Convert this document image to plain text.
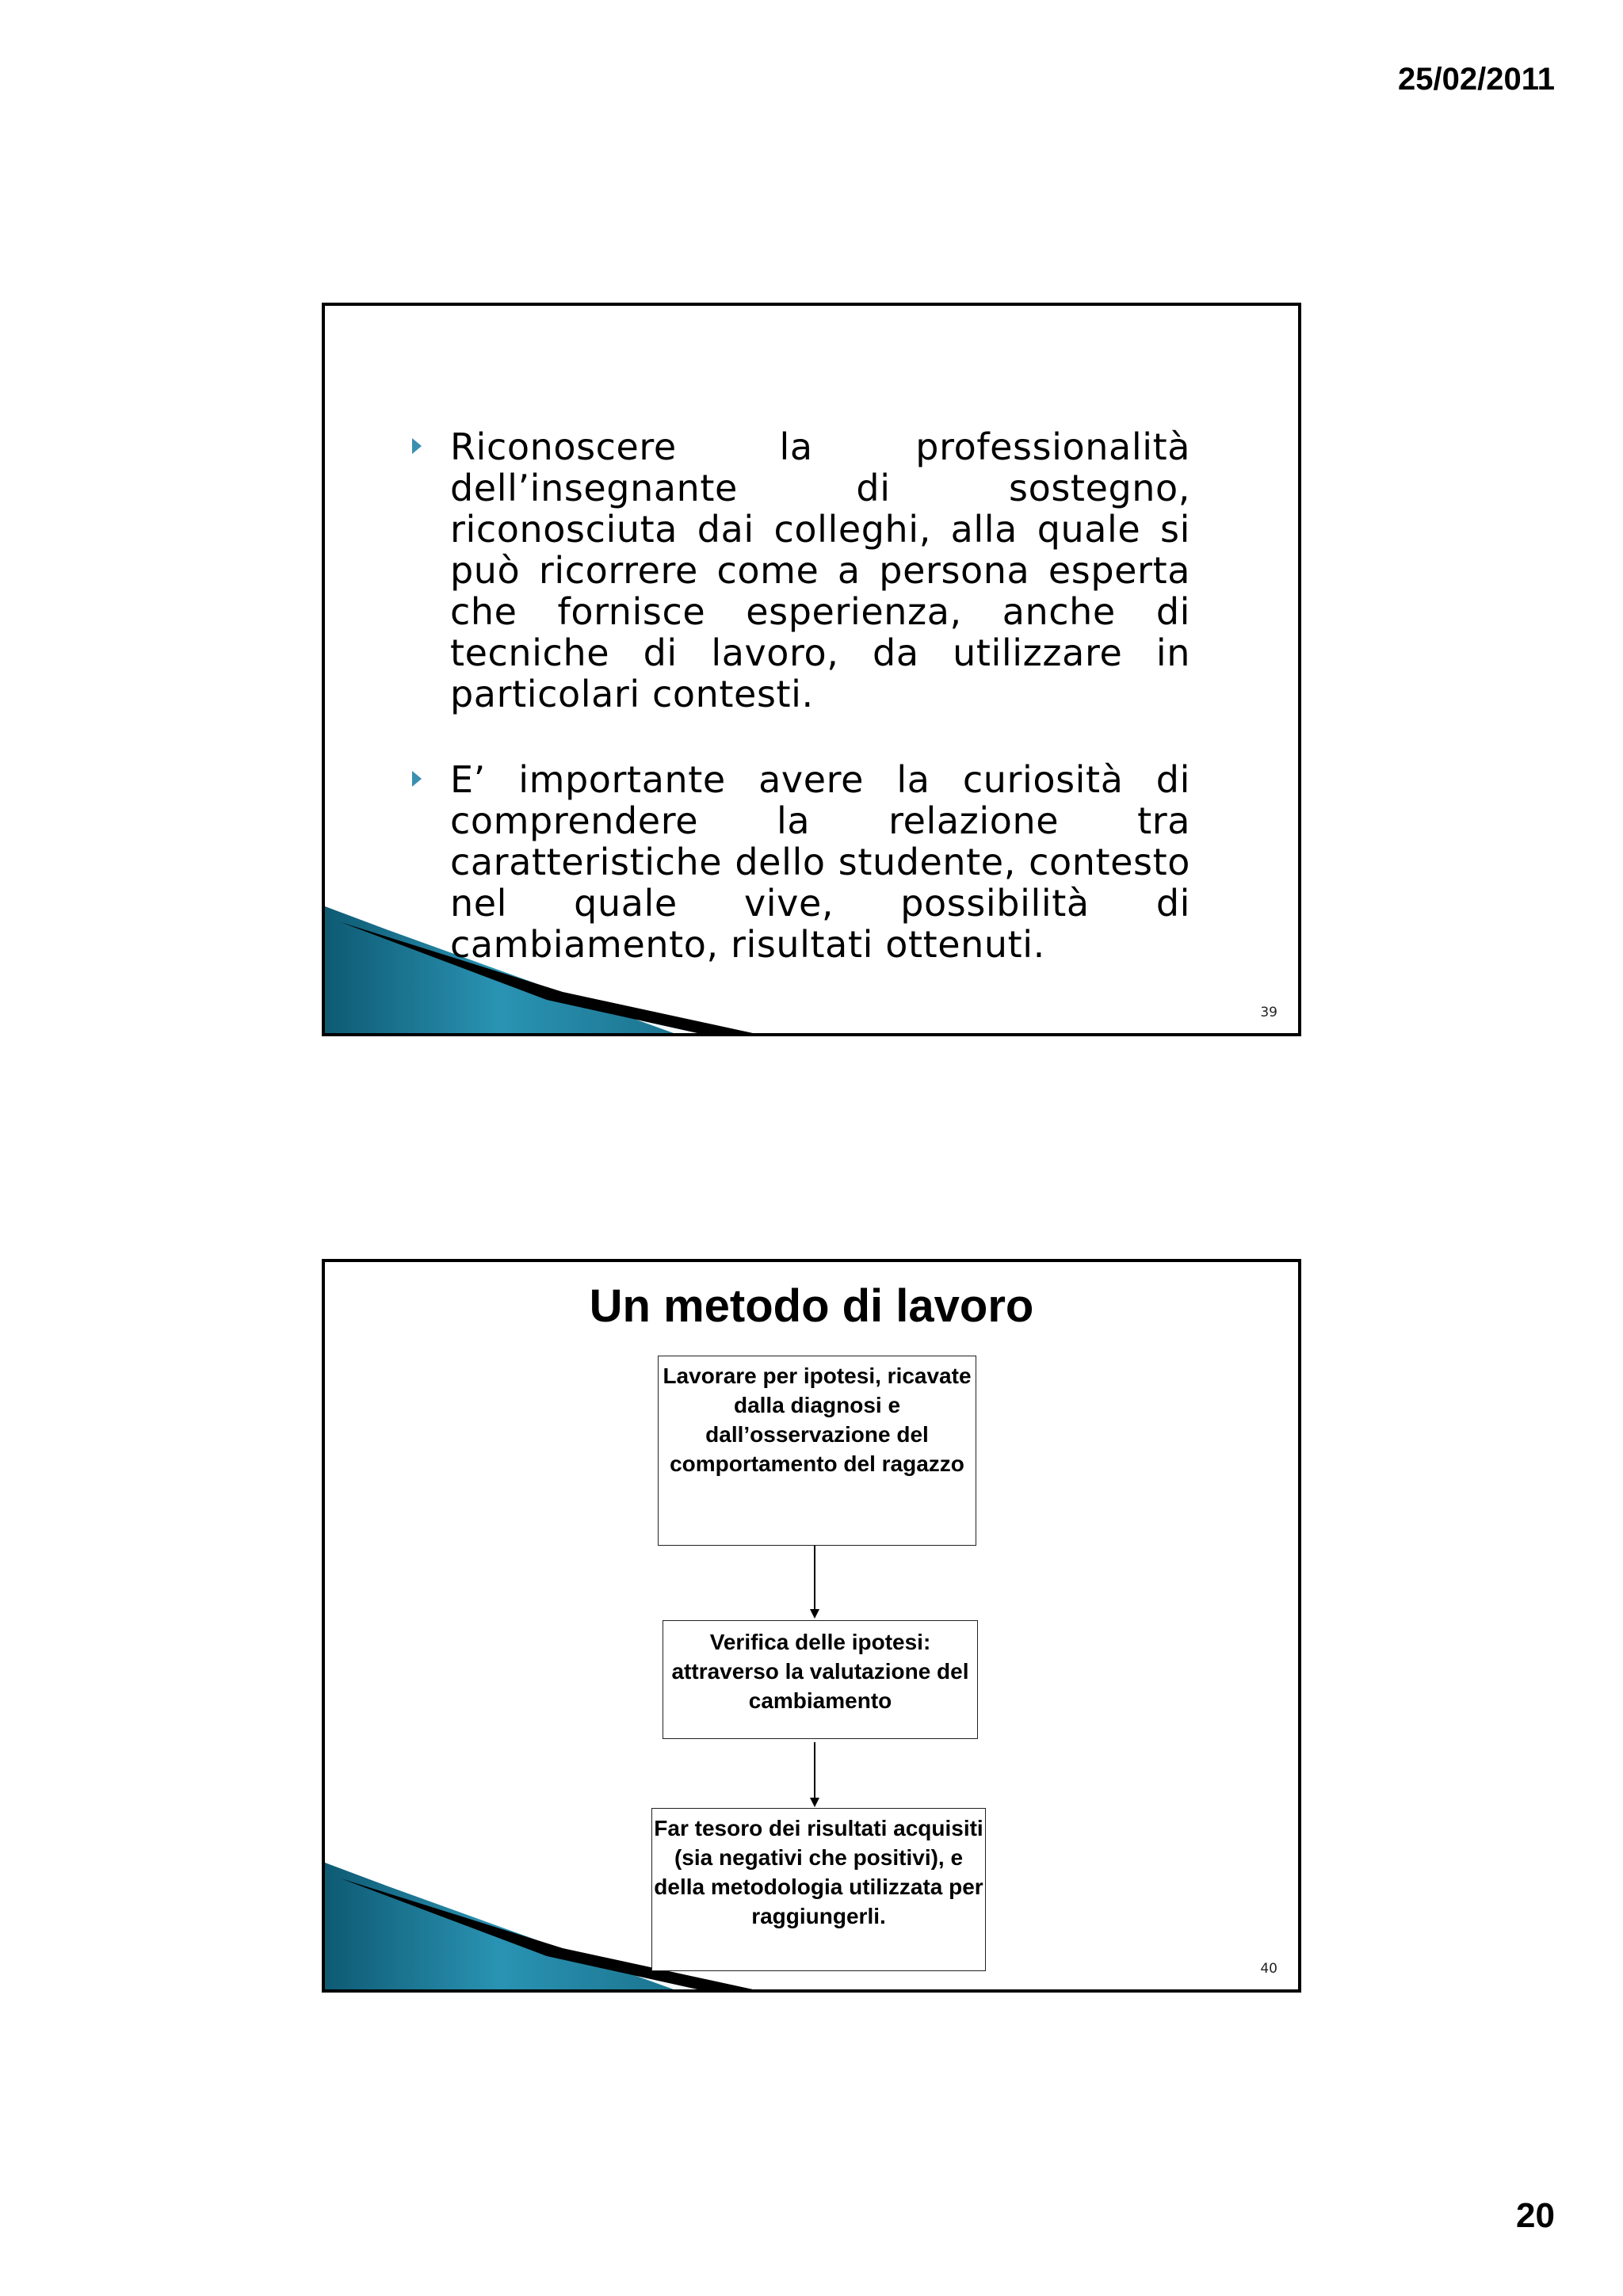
25/02/2011
Riconoscere la professionalità dell’insegnante di sostegno, riconosciuta dai colleghi, alla quale si può ricorrere come a persona esperta che fornisce esperienza, anche di tecniche di lavoro, da utilizzare in particolari contesti.
E’ importante avere la curiosità di comprendere la relazione tra caratteristiche dello studente, contesto nel quale vive, possibilità di cambiamento, risultati ottenuti.
39
Un metodo di lavoro
Lavorare per ipotesi, ricavate dalla diagnosi e dall’osservazione del comportamento del ragazzo
Verifica delle ipotesi: attraverso la valutazione del cambiamento
Far tesoro dei risultati acquisiti (sia negativi che positivi), e della metodologia utilizzata per raggiungerli.
40
20
